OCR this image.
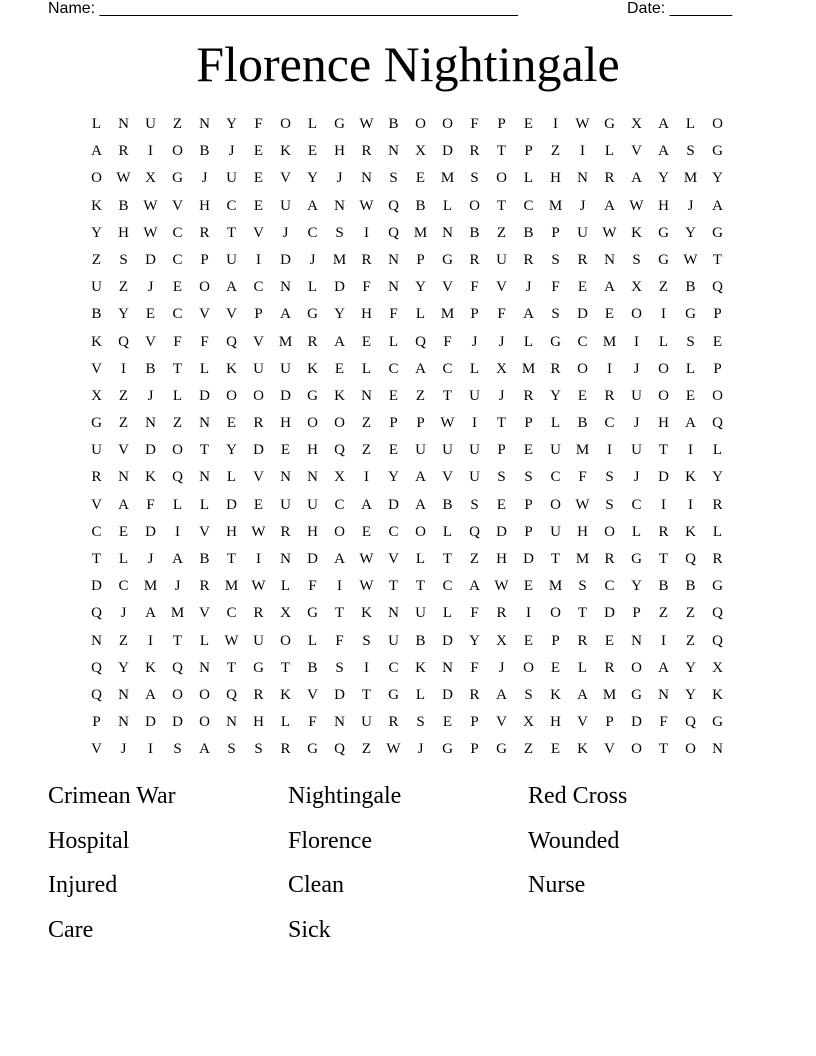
Name: _______________________________________________	Date: _______
Florence Nightingale
L	N	U	Z	N	Y	F	O	L	G W B	O	O	F	P	E	I	W G	X	A	L	O
A	R	I	O	B	J	E	K	E	H	R	N	X	D	R	T	P	Z	I	L	V	A	S	G
O W X	G	J	U	E	V	Y	J	N	S	E	M	S	O	L	H	N	R	A	Y M Y
K	B W V	H	C	E	U	A	N W Q	B	L	O	T	C	M	J	A W H	J	A
Y	H W C	R	T	V	J	C	S	I	Q M N	B	Z	B	P	U W K	G	Y	G
Z	S	D	C	P	U	I	D	J	M	R	N	P	G	R	U	R	S	R	N	S	G W	T
U	Z	J	E	O	A	C	N	L	D	F	N	Y	V	F	V	J	F	E	A	X	Z	B	Q
B	Y	E	C	V	V	P	A	G	Y	H	F	L	M	P	F	A	S	D	E	O	I	G	P
K	Q	V	F	F	Q	V M	R	A	E	L	Q	F	J	J	L	G	C	M	I	L	S	E
V	I	B	T	L	K	U	U	K	E	L	C	A	C	L	X M	R	O	I	J	O	L	P
X	Z	J	L	D	O	O	D	G	K	N	E	Z	T	U	J	R	Y	E	R	U	O	E	O
G	Z	N	Z	N	E	R	H	O	O	Z	P	P	W	I	T	P	L	B	C	J	H	A	Q
U	V	D	O	T	Y	D	E	H	Q	Z	E	U	U	U	P	E	U M	I	U	T	I	L
R	N	K	Q	N	L	V	N	N	X	I	Y	A	V	U	S	S	C	F	S	J	D	K	Y
V	A	F	L	L	D	E	U	U	C	A	D	A	B	S	E	P	O W	S	C	I	I	R
C	E	D	I	V	H W R	H	O	E	C	O	L	Q	D	P	U	H	O	L	R	K	L
T	L	J	A	B	T	I	N	D	A W V	L	T	Z	H	D	T	M	R	G	T	Q	R
D	C	M	J	R	M W	L	F	I	W	T	T	C	A W	E	M	S	C	Y	B	B	G
Q	J	A M V	C	R	X	G	T	K	N	U	L	F	R	I	O	T	D	P	Z	Z	Q
N	Z	I	T	L	W U	O	L	F	S	U	B	D	Y	X	E	P	R	E	N	I	Z	Q
Q	Y	K	Q	N	T	G	T	B	S	I	C	K	N	F	J	O	E	L	R	O	A	Y	X
Q	N	A	O	O	Q	R	K	V	D	T	G	L	D	R	A	S	K	A M G	N	Y	K
P	N	D	D	O	N	H	L	F	N	U	R	S	E	P	V	X	H	V	P	D	F	Q	G
V	J	I	S	A	S	S	R	G	Q	Z	W	J	G	P	G	Z	E	K	V	O	T	O	N
Crimean War	Nightingale	Red Cross
Hospital	Florence	Wounded
Injured	Clean	Nurse
Care	Sick
